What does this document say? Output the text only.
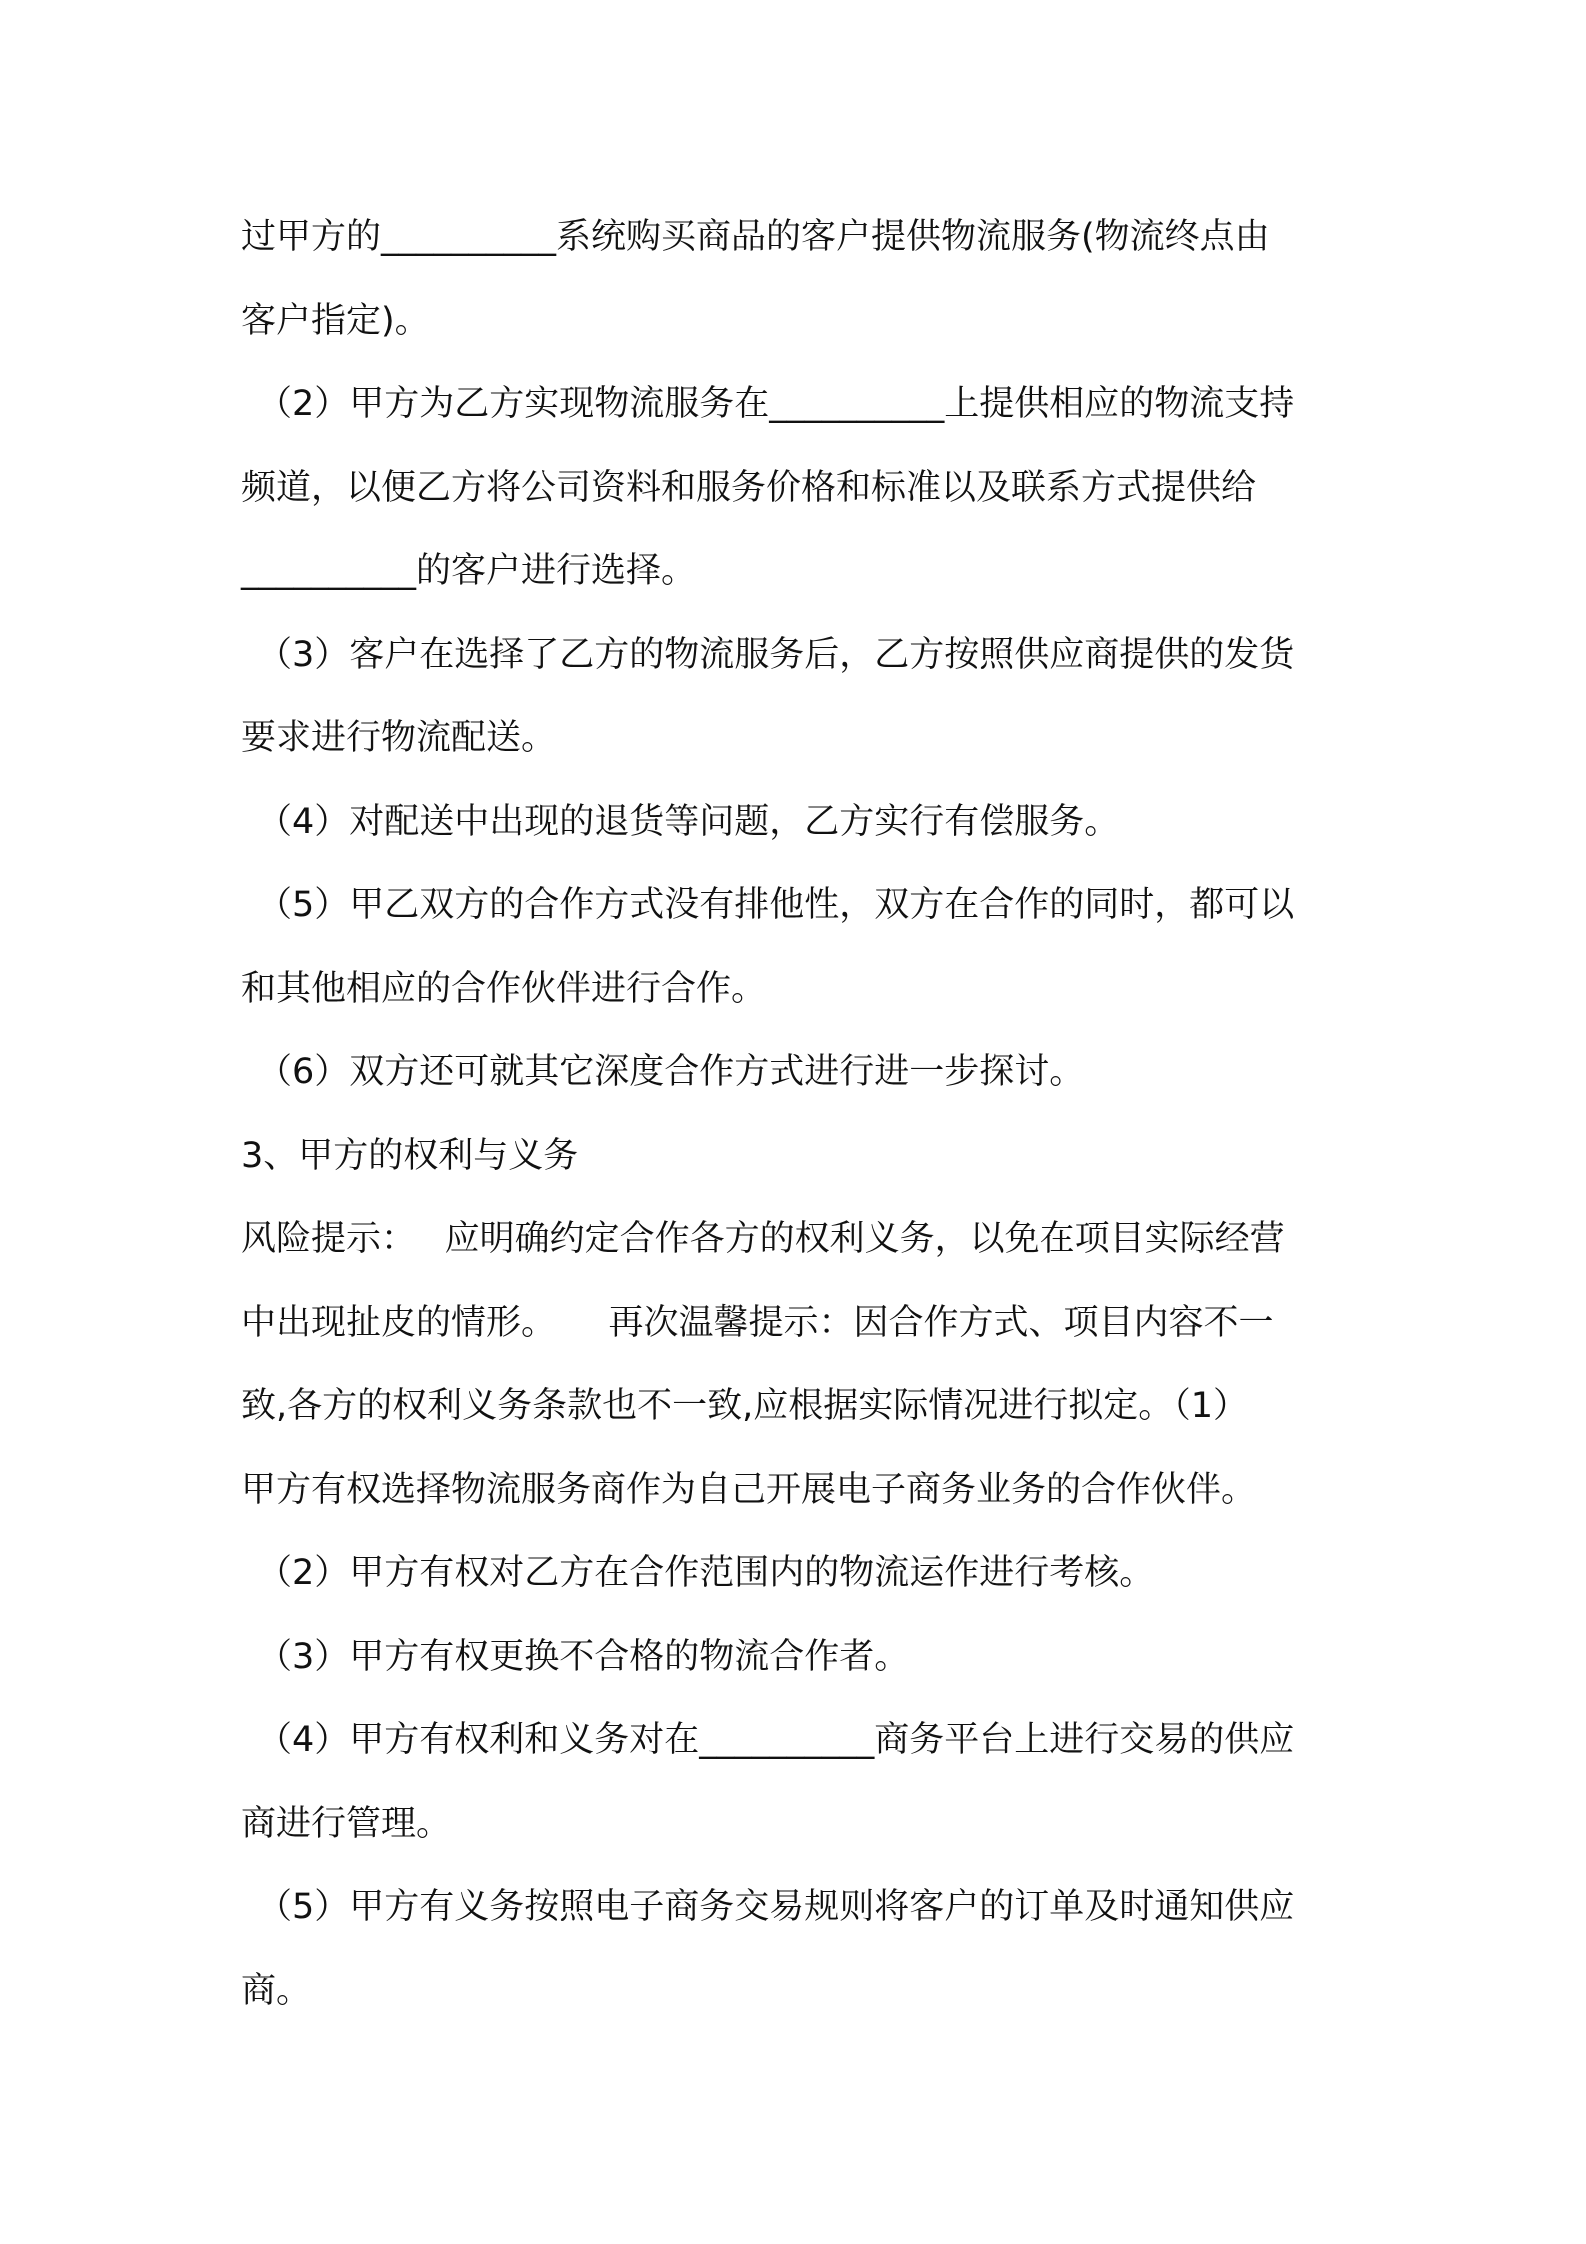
过甲方的__________系统购买商品的客户提供物流服务(物流终点由
客户指定)。
（2）甲方为乙方实现物流服务在__________上提供相应的物流支持
频道，以便乙方将公司资料和服务价格和标准以及联系方式提供给
__________的客户进行选择。
（3）客户在选择了乙方的物流服务后，乙方按照供应商提供的发货
要求进行物流配送。
（4）对配送中出现的退货等问题，乙方实行有偿服务。
（5）甲乙双方的合作方式没有排他性，双方在合作的同时，都可以
和其他相应的合作伙伴进行合作。
（6）双方还可就其它深度合作方式进行进一步探讨。
3、甲方的权利与义务
风险提示：　 应明确约定合作各方的权利义务，以免在项目实际经营
中出现扯皮的情形。　　再次温馨提示：因合作方式、项目内容不一
致,各方的权利义务条款也不一致,应根据实际情况进行拟定。（1）
甲方有权选择物流服务商作为自己开展电子商务业务的合作伙伴。
（2）甲方有权对乙方在合作范围内的物流运作进行考核。
（3）甲方有权更换不合格的物流合作者。
（4）甲方有权利和义务对在__________商务平台上进行交易的供应
商进行管理。
（5）甲方有义务按照电子商务交易规则将客户的订单及时通知供应
商。
